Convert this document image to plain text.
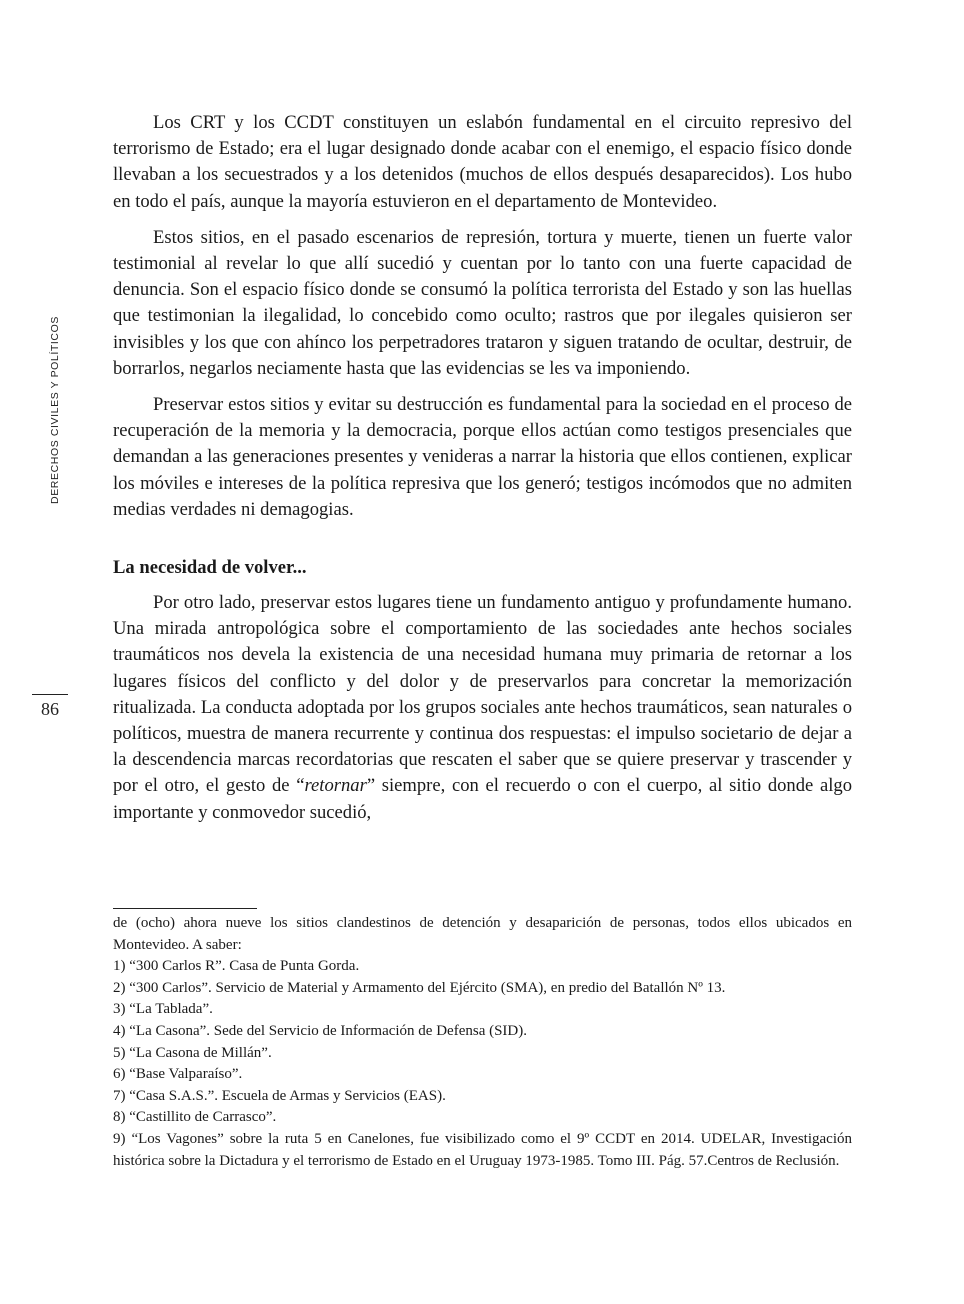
DERECHOS CIVILES Y POLÍTICOS
86

Los CRT y los CCDT constituyen un eslabón fundamental en el circuito represivo del terrorismo de Estado; era el lugar designado donde acabar con el enemigo, el espacio físico donde llevaban a los secuestrados y a los detenidos (muchos de ellos después desaparecidos). Los hubo en todo el país, aunque la mayoría estuvieron en el departamento de Montevideo.

Estos sitios, en el pasado escenarios de represión, tortura y muerte, tienen un fuerte valor testimonial al revelar lo que allí sucedió y cuentan por lo tanto con una fuerte capacidad de denuncia. Son el espacio físico donde se consumó la política terrorista del Estado y son las huellas que testimonian la ilegalidad, lo concebido como oculto; rastros que por ilegales quisieron ser invisibles y los que con ahínco los perpetradores trataron y siguen tratando de ocultar, destruir, de borrarlos, negarlos neciamente hasta que las evidencias se les va imponiendo.

Preservar estos sitios y evitar su destrucción es fundamental para la sociedad en el proceso de recuperación de la memoria y la democracia, porque ellos actúan como testigos presenciales que demandan a las generaciones presentes y venideras a narrar la historia que ellos contienen, explicar los móviles e intereses de la política represiva que los generó; testigos incómodos que no admiten medias verdades ni demagogias.

La necesidad de volver...

Por otro lado, preservar estos lugares tiene un fundamento antiguo y profundamente humano. Una mirada antropológica sobre el comportamiento de las sociedades ante hechos sociales traumáticos nos devela la existencia de una necesidad humana muy primaria de retornar a los lugares físicos del conflicto y del dolor y de preservarlos para concretar la memorización ritualizada. La conducta adoptada por los grupos sociales ante hechos traumáticos, sean naturales o políticos, muestra de manera recurrente y continua dos respuestas: el impulso societario de dejar a la descendencia marcas recordatorias que rescaten el saber que se quiere preservar y trascender y por el otro, el gesto de “retornar” siempre, con el recuerdo o con el cuerpo, al sitio donde algo importante y conmovedor sucedió,

de (ocho) ahora nueve los sitios clandestinos de detención y desaparición de personas, todos ellos ubicados en Montevideo. A saber:

1) “300 Carlos R”. Casa de Punta Gorda.

2) “300 Carlos”. Servicio de Material y Armamento del Ejército (SMA), en predio del Batallón Nº 13.

3) “La Tablada”.

4) “La Casona”. Sede del Servicio de Información de Defensa (SID).

5) “La Casona de Millán”.

6) “Base Valparaíso”.

7) “Casa S.A.S.”. Escuela de Armas y Servicios (EAS).

8) “Castillito de Carrasco”.

9) “Los Vagones” sobre la ruta 5 en Canelones, fue visibilizado como el 9º CCDT en 2014. UDELAR, Investigación histórica sobre la Dictadura y el terrorismo de Estado en el Uruguay 1973-1985. Tomo III. Pág. 57.Centros de Reclusión.
